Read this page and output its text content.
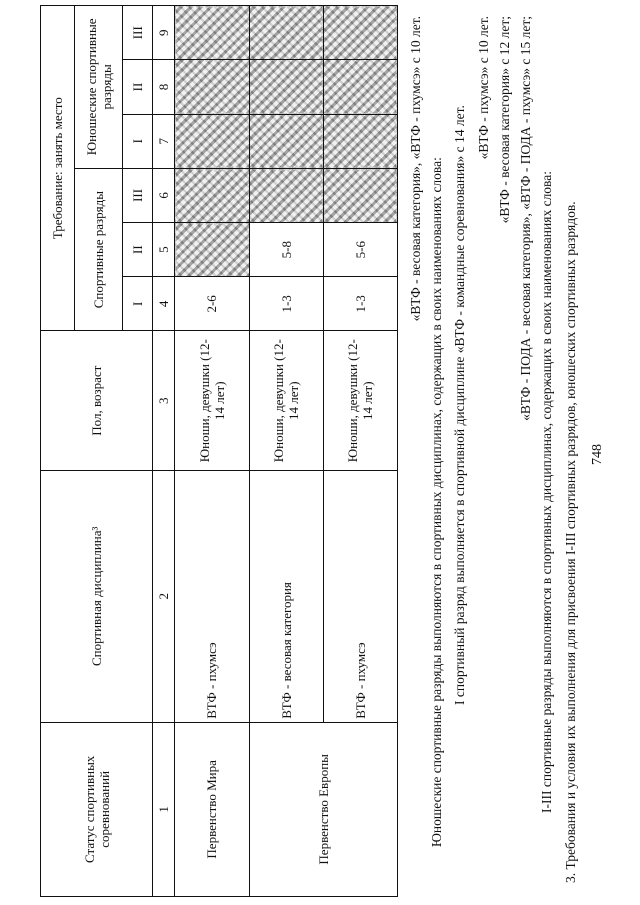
748
3. Требования и условия их выполнения для присвоения I-III спортивных разрядов, юношеских спортивных разрядов.
I-III спортивные разряды выполняются в спортивных дисциплинах, содержащих в своих наименованиях слова:
«ВТФ - ПОДА - весовая категория», «ВТФ - ПОДА - пхумсэ» с 15 лет;
«ВТФ - весовая категория» с 12 лет;
«ВТФ - пхумсэ» с 10 лет.
I спортивный разряд выполняется в спортивной дисциплине «ВТФ - командные соревнования» с 14 лет.
Юношеские спортивные разряды выполняются в спортивных дисциплинах, содержащих в своих наименованиях слова:
«ВТФ - весовая категория», «ВТФ - пхумсэ» с 10 лет.
Статус спортивных соревнований	Спортивная дисциплина³	Пол, возраст	Требование: занять место					
			Спортивные разряды			Юношеские спортивные разряды		
			I	II	III	I	II	III
1	2	3	4	5	6	7	8	9
Первенство Мира	ВТФ - пхумсэ	Юноши, девушки (12-14 лет)	2-6					
Первенство Европы	ВТФ - весовая категория	Юноши, девушки (12-14 лет)	1-3	5-8				
	ВТФ - пхумсэ	Юноши, девушки (12-14 лет)	1-3	5-6				
